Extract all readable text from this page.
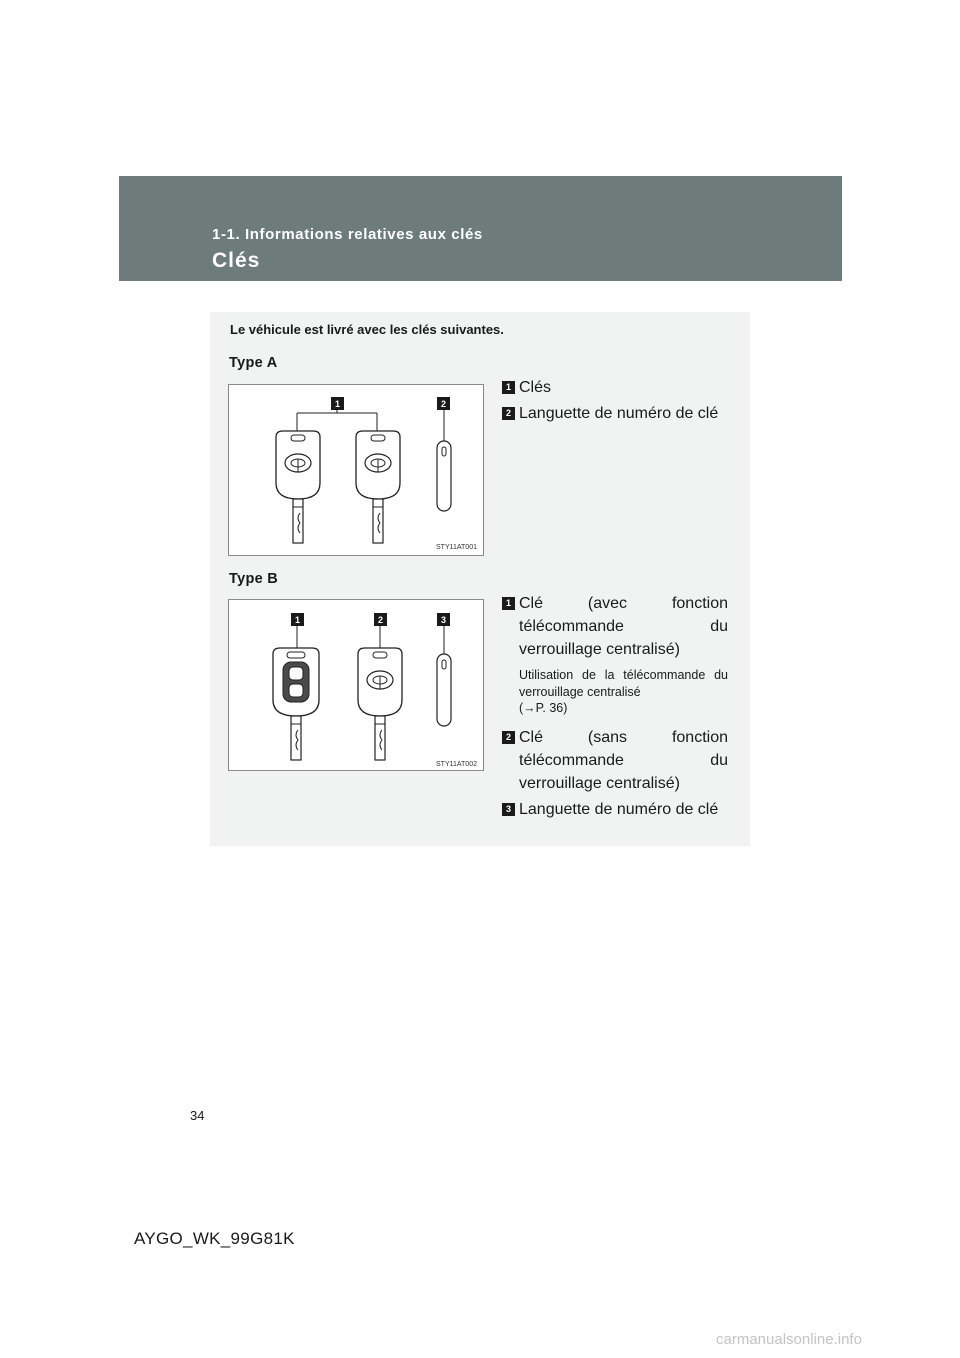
1-1. Informations relatives aux clés

Clés

Le véhicule est livré avec les clés suivantes.

Type A
1	2
STY11AT001
1 Clés
2 Languette de numéro de clé
Type B
1	2	3
STY11AT002
1 Clé (avec fonction télécommande du verrouillage centralisé)
Utilisation de la télécommande du verrouillage centralisé
(→P. 36)
2 Clé (sans fonction télécommande du verrouillage centralisé)
3 Languette de numéro de clé

34

AYGO_WK_99G81K

carmanualsonline.info
